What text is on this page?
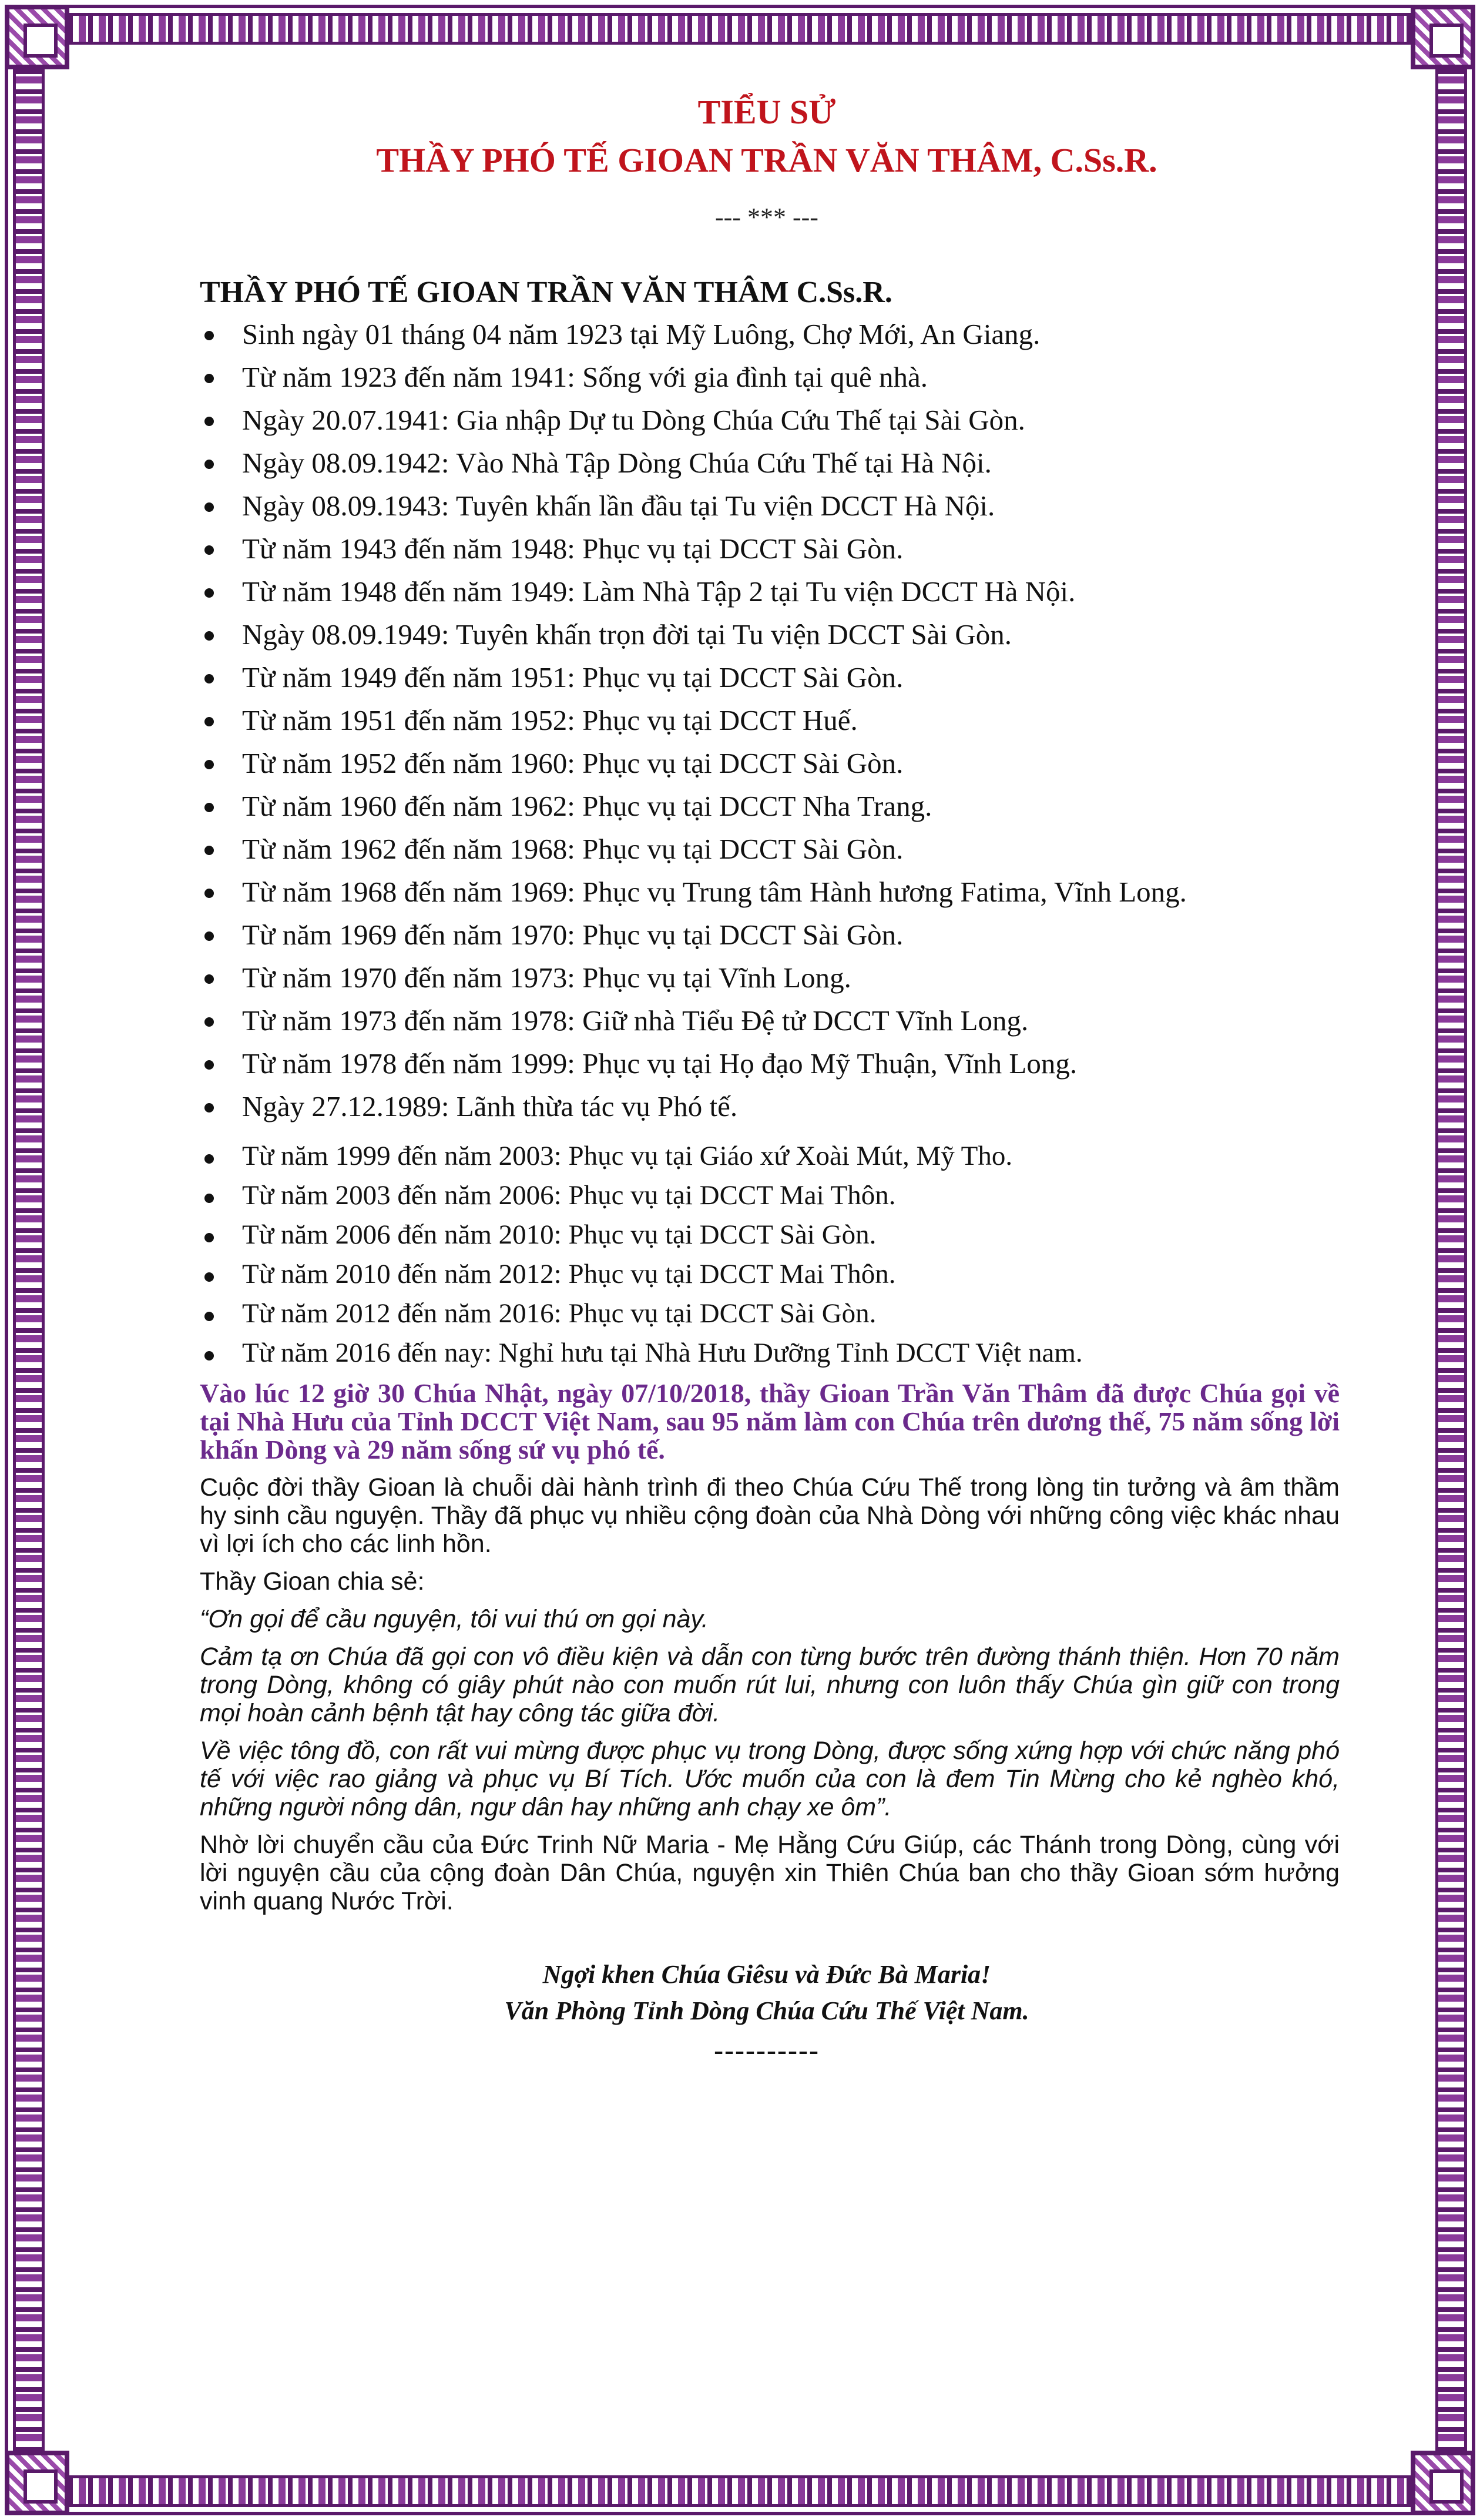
TIỂU SỬ

THẦY PHÓ TẾ GIOAN TRẦN VĂN THÂM, C.Ss.R.

--- *** ---
THẦY PHÓ TẾ GIOAN TRẦN VĂN THÂM C.Ss.R.
Sinh ngày 01 tháng 04 năm 1923 tại Mỹ Luông, Chợ Mới, An Giang.
Từ năm 1923 đến năm 1941: Sống với gia đình tại quê nhà.
Ngày 20.07.1941: Gia nhập Dự tu Dòng Chúa Cứu Thế tại Sài Gòn.
Ngày 08.09.1942: Vào Nhà Tập Dòng Chúa Cứu Thế tại Hà Nội.
Ngày 08.09.1943: Tuyên khấn lần đầu tại Tu viện DCCT Hà Nội.
Từ năm 1943 đến năm 1948: Phục vụ tại DCCT Sài Gòn.
Từ năm 1948 đến năm 1949: Làm Nhà Tập 2 tại Tu viện DCCT Hà Nội.
Ngày 08.09.1949: Tuyên khấn trọn đời tại Tu viện DCCT Sài Gòn.
Từ năm 1949 đến năm 1951: Phục vụ tại DCCT Sài Gòn.
Từ năm 1951 đến năm 1952: Phục vụ tại DCCT Huế.
Từ năm 1952 đến năm 1960: Phục vụ tại DCCT Sài Gòn.
Từ năm 1960 đến năm 1962: Phục vụ tại DCCT Nha Trang.
Từ năm 1962 đến năm 1968: Phục vụ tại DCCT Sài Gòn.
Từ năm 1968 đến năm 1969: Phục vụ Trung tâm Hành hương Fatima, Vĩnh Long.
Từ năm 1969 đến năm 1970: Phục vụ tại DCCT Sài Gòn.
Từ năm 1970 đến năm 1973: Phục vụ tại Vĩnh Long.
Từ năm 1973 đến năm 1978: Giữ nhà Tiểu Đệ tử DCCT Vĩnh Long.
Từ năm 1978 đến năm 1999: Phục vụ tại Họ đạo Mỹ Thuận, Vĩnh Long.
Ngày 27.12.1989: Lãnh thừa tác vụ Phó tế.
Từ năm 1999 đến năm 2003: Phục vụ tại Giáo xứ Xoài Mút, Mỹ Tho.
Từ năm 2003 đến năm 2006: Phục vụ tại DCCT Mai Thôn.
Từ năm 2006 đến năm 2010: Phục vụ tại DCCT Sài Gòn.
Từ năm 2010 đến năm 2012: Phục vụ tại DCCT Mai Thôn.
Từ năm 2012 đến năm 2016: Phục vụ tại DCCT Sài Gòn.
Từ năm 2016 đến nay: Nghỉ hưu tại Nhà Hưu Dưỡng Tỉnh DCCT Việt nam.
Vào lúc 12 giờ 30 Chúa Nhật, ngày 07/10/2018, thầy Gioan Trần Văn Thâm đã được Chúa gọi về tại Nhà Hưu của Tỉnh DCCT Việt Nam, sau 95 năm làm con Chúa trên dương thế, 75 năm sống lời khấn Dòng và 29 năm sống sứ vụ phó tế.

Cuộc đời thầy Gioan là chuỗi dài hành trình đi theo Chúa Cứu Thế trong lòng tin tưởng và âm thầm hy sinh cầu nguyện. Thầy đã phục vụ nhiều cộng đoàn của Nhà Dòng với những công việc khác nhau vì lợi ích cho các linh hồn.

Thầy Gioan chia sẻ:

“Ơn gọi để cầu nguyện, tôi vui thú ơn gọi này.

Cảm tạ ơn Chúa đã gọi con vô điều kiện và dẫn con từng bước trên đường thánh thiện. Hơn 70 năm trong Dòng, không có giây phút nào con muốn rút lui, nhưng con luôn thấy Chúa gìn giữ con trong mọi hoàn cảnh bệnh tật hay công tác giữa đời.

Về việc tông đồ, con rất vui mừng được phục vụ trong Dòng, được sống xứng hợp với chức năng phó tế với việc rao giảng và phục vụ Bí Tích. Ước muốn của con là đem Tin Mừng cho kẻ nghèo khó, những người nông dân, ngư dân hay những anh chạy xe ôm”.

Nhờ lời chuyển cầu của Đức Trinh Nữ Maria - Mẹ Hằng Cứu Giúp, các Thánh trong Dòng, cùng với lời nguyện cầu của cộng đoàn Dân Chúa, nguyện xin Thiên Chúa ban cho thầy Gioan sớm hưởng vinh quang Nước Trời.

Ngợi khen Chúa Giêsu và Đức Bà Maria!

Văn Phòng Tỉnh Dòng Chúa Cứu Thế Việt Nam.

----------
